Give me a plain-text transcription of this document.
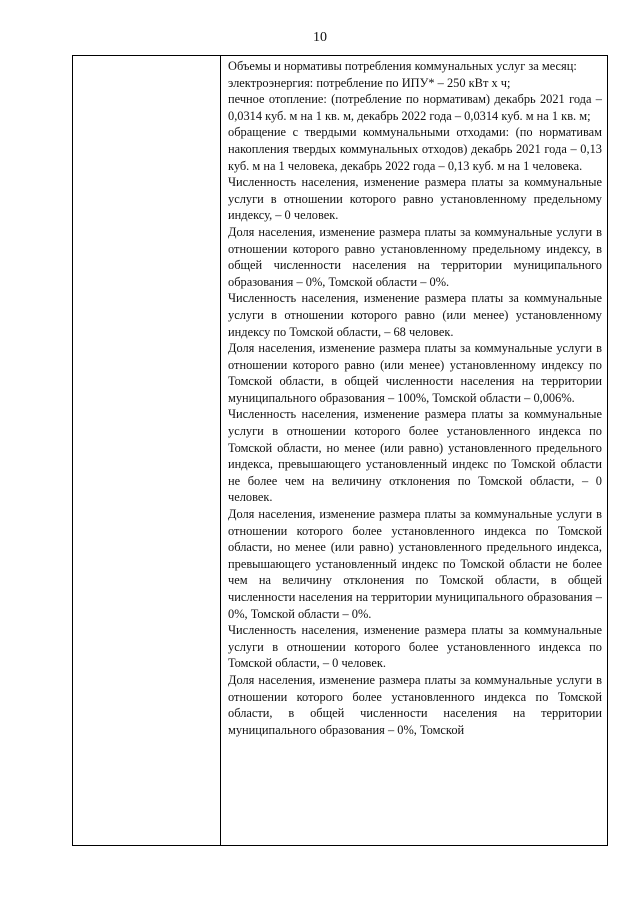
10

Объемы и нормативы потребления коммунальных услуг за месяц:

электроэнергия: потребление по ИПУ* – 250 кВт х ч;

печное отопление: (потребление по нормативам) декабрь 2021 года – 0,0314 куб. м на 1 кв. м, декабрь 2022 года – 0,0314 куб. м на 1 кв. м;

обращение с твердыми коммунальными отходами: (по нормативам накопления твердых коммунальных отходов) декабрь 2021 года – 0,13 куб. м на 1 человека, декабрь 2022 года – 0,13 куб. м на 1 человека.

Численность населения, изменение размера платы за коммунальные услуги в отношении которого равно установленному предельному индексу, – 0 человек.

Доля населения, изменение размера платы за коммунальные услуги в отношении которого равно установленному предельному индексу, в общей численности населения на территории муниципального образования – 0%, Томской области – 0%.

Численность населения, изменение размера платы за коммунальные услуги в отношении которого равно (или менее) установленному индексу по Томской области, – 68 человек.

Доля населения, изменение размера платы за коммунальные услуги в отношении которого равно (или менее) установленному индексу по Томской области, в общей численности населения на территории муниципального образования – 100%, Томской области – 0,006%.

Численность населения, изменение размера платы за коммунальные услуги в отношении которого более установленного индекса по Томской области, но менее (или равно) установленного предельного индекса, превышающего установленный индекс по Томской области не более чем на величину отклонения по Томской области, – 0 человек.

Доля населения, изменение размера платы за коммунальные услуги в отношении которого более установленного индекса по Томской области, но менее (или равно) установленного предельного индекса, превышающего установленный индекс по Томской области не более чем на величину отклонения по Томской области, в общей численности населения на территории муниципального образования – 0%, Томской области – 0%.

Численность населения, изменение размера платы за коммунальные услуги в отношении которого более установленного индекса по Томской области, – 0 человек.

Доля населения, изменение размера платы за коммунальные услуги в отношении которого более установленного индекса по Томской области, в общей численности населения на территории муниципального образования – 0%, Томской
